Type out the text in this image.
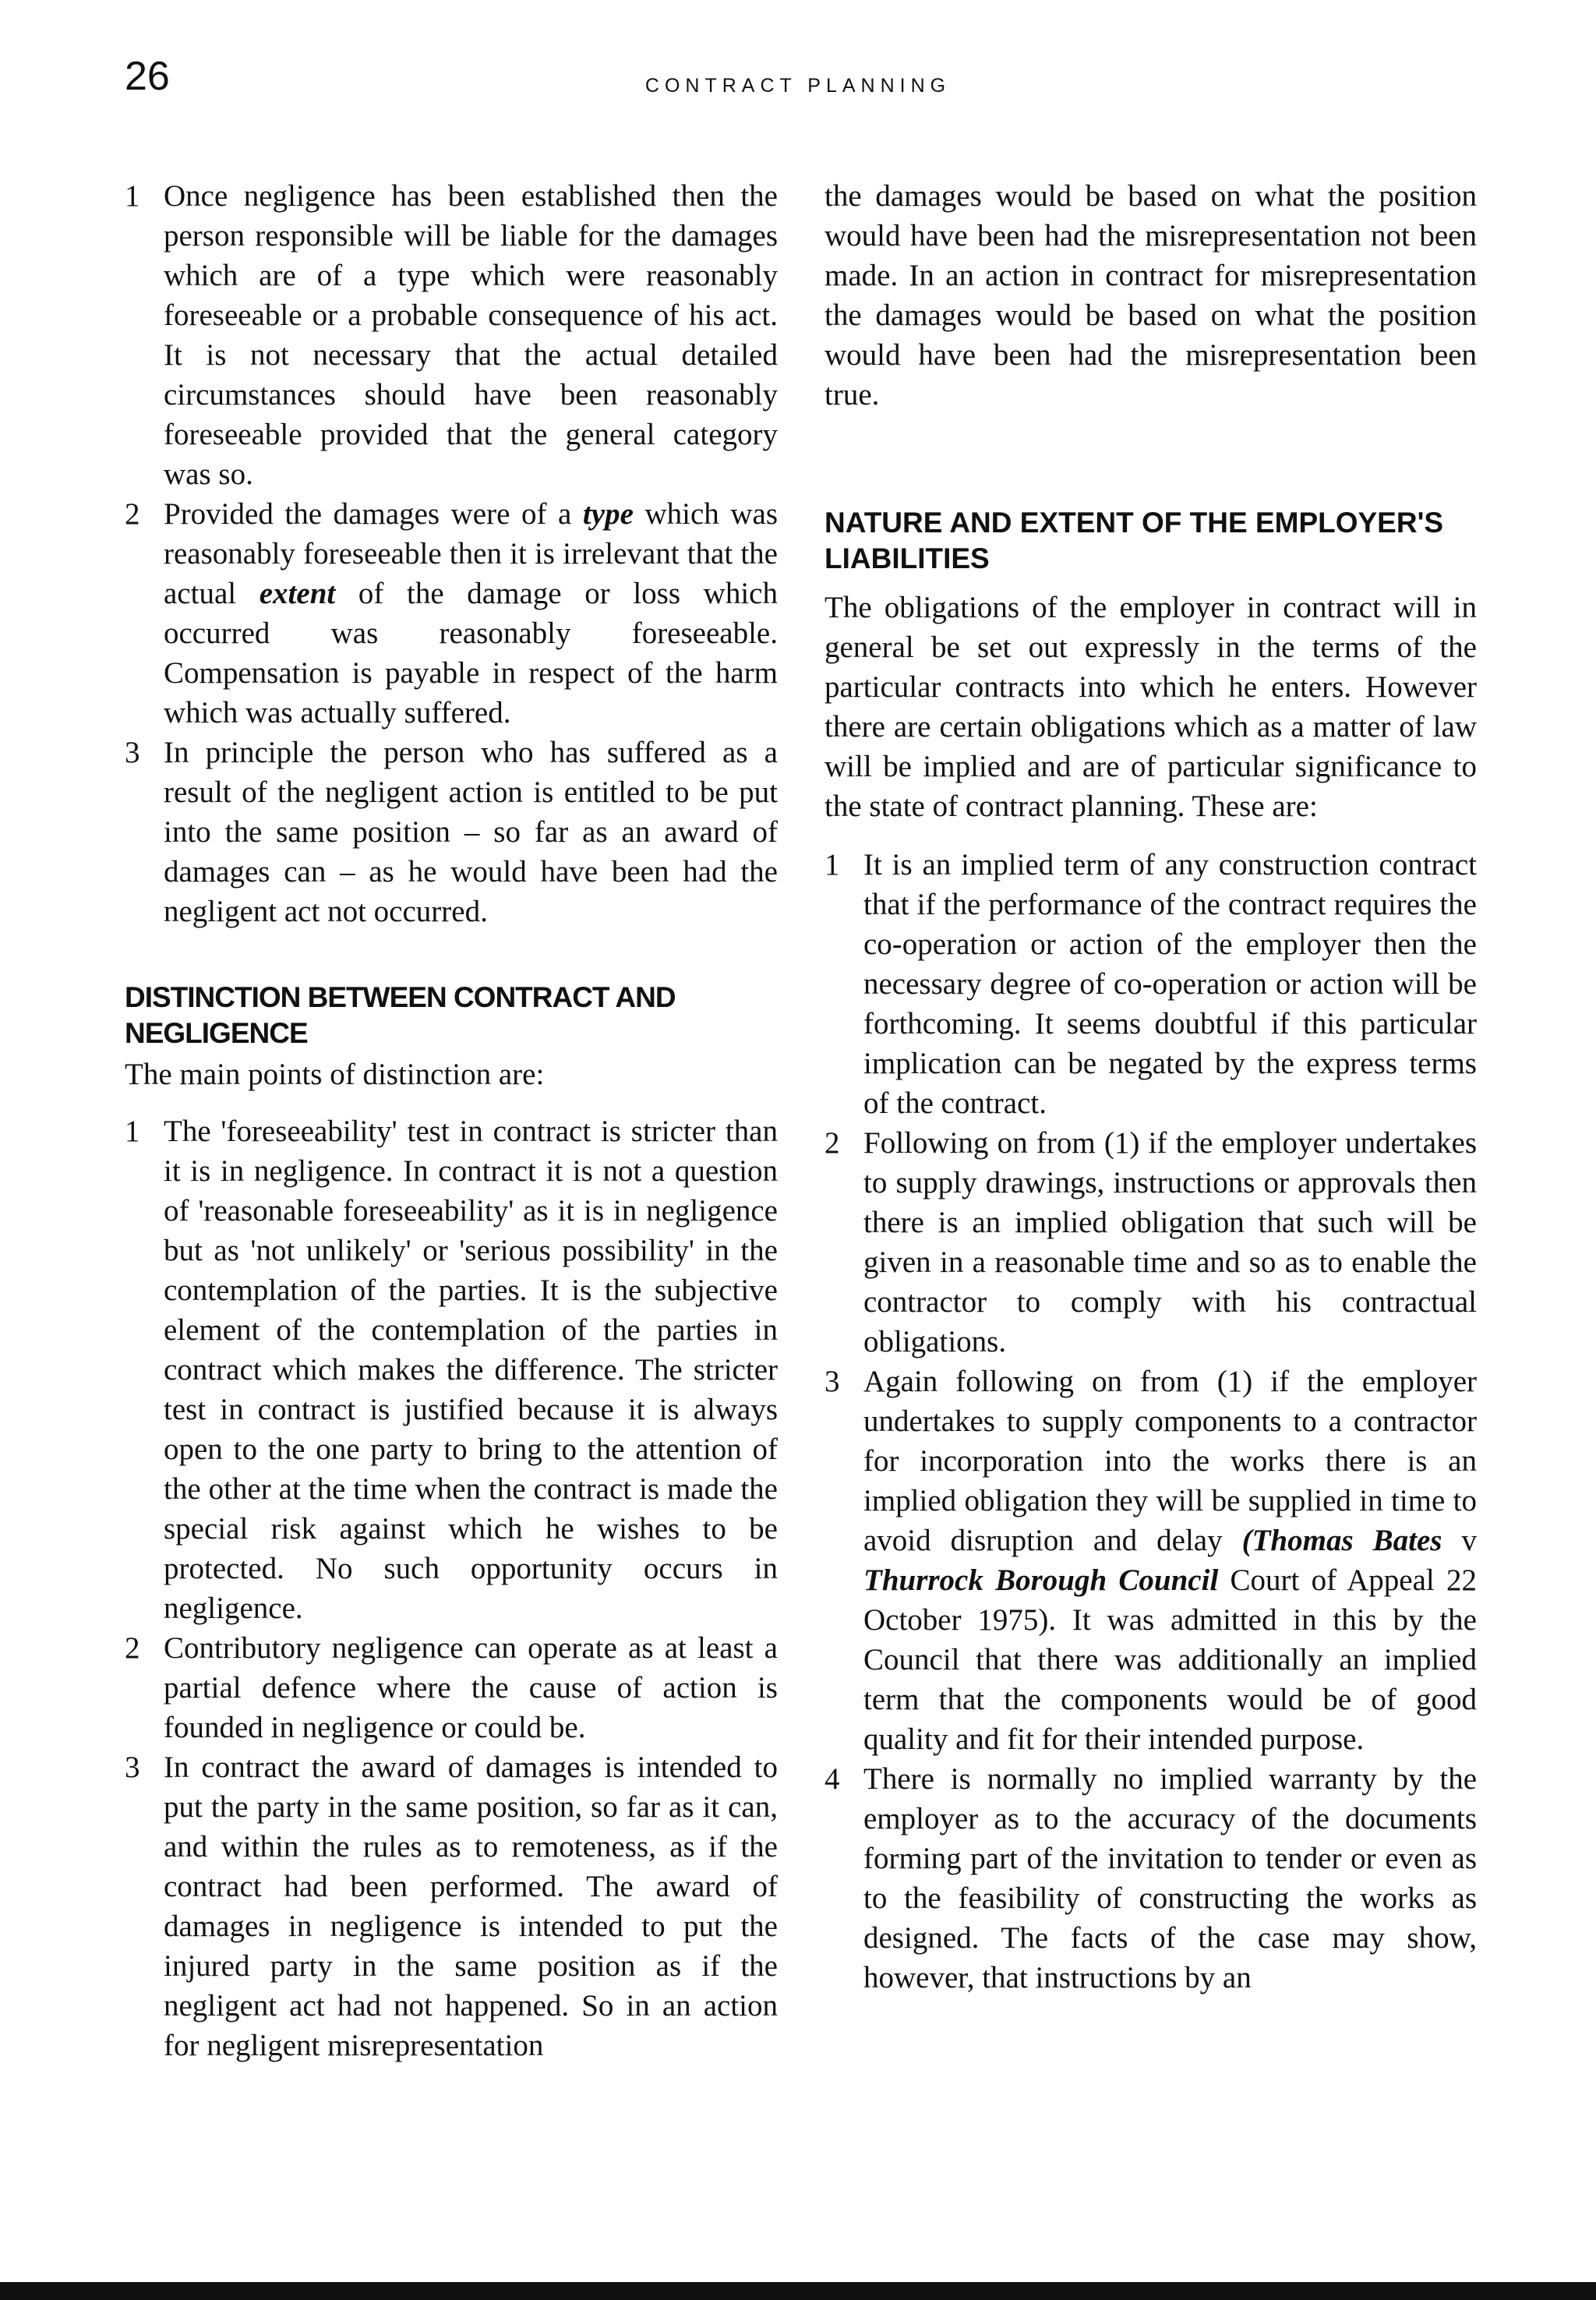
26	CONTRACT PLANNING
1 Once negligence has been established then the person responsible will be liable for the damages which are of a type which were reasonably foreseeable or a probable consequence of his act. It is not necessary that the actual detailed circumstances should have been reasonably foreseeable provided that the general category was so.
2 Provided the damages were of a type which was reasonably foreseeable then it is irrelevant that the actual extent of the damage or loss which occurred was reasonably foreseeable. Compensation is payable in respect of the harm which was actually suffered.
3 In principle the person who has suffered as a result of the negligent action is entitled to be put into the same position – so far as an award of damages can – as he would have been had the negligent act not occurred.
DISTINCTION BETWEEN CONTRACT AND NEGLIGENCE

The main points of distinction are:

1 The 'foreseeability' test in contract is stricter than it is in negligence. In contract it is not a question of 'reasonable foreseeability' as it is in negligence but as 'not unlikely' or 'serious possibility' in the contemplation of the parties. It is the subjective element of the contemplation of the parties in contract which makes the difference. The stricter test in contract is justified because it is always open to the one party to bring to the attention of the other at the time when the contract is made the special risk against which he wishes to be protected. No such opportunity occurs in negligence.
2 Contributory negligence can operate as at least a partial defence where the cause of action is founded in negligence or could be.
3 In contract the award of damages is intended to put the party in the same position, so far as it can, and within the rules as to remoteness, as if the contract had been performed. The award of damages in negligence is intended to put the injured party in the same position as if the negligent act had not happened. So in an action for negligent misrepresentation

the damages would be based on what the position would have been had the misrepresentation not been made. In an action in contract for misrepresentation the damages would be based on what the position would have been had the misrepresentation been true.

NATURE AND EXTENT OF THE EMPLOYER'S LIABILITIES

The obligations of the employer in contract will in general be set out expressly in the terms of the particular contracts into which he enters. However there are certain obligations which as a matter of law will be implied and are of particular significance to the state of contract planning. These are:

1 It is an implied term of any construction contract that if the performance of the contract requires the co-operation or action of the employer then the necessary degree of co-operation or action will be forthcoming. It seems doubtful if this particular implication can be negated by the express terms of the contract.
2 Following on from (1) if the employer undertakes to supply drawings, instructions or approvals then there is an implied obligation that such will be given in a reasonable time and so as to enable the contractor to comply with his contractual obligations.
3 Again following on from (1) if the employer undertakes to supply components to a contractor for incorporation into the works there is an implied obligation they will be supplied in time to avoid disruption and delay (Thomas Bates v Thurrock Borough Council Court of Appeal 22 October 1975). It was admitted in this by the Council that there was additionally an implied term that the components would be of good quality and fit for their intended purpose.
4 There is normally no implied warranty by the employer as to the accuracy of the documents forming part of the invitation to tender or even as to the feasibility of constructing the works as designed. The facts of the case may show, however, that instructions by an
